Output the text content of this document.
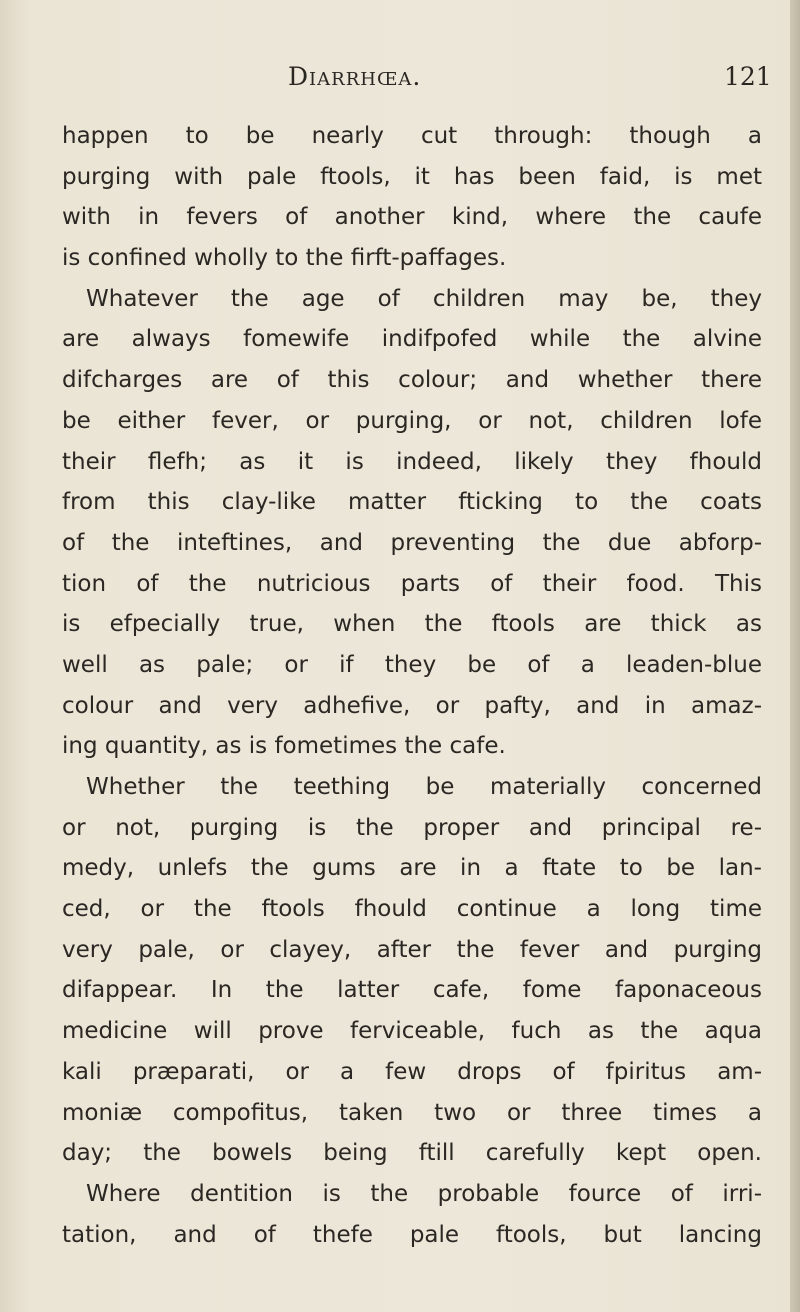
Diarrhœa.	121
happen to be nearly cut through: though a
purging with pale ftools, it has been faid, is met
with in fevers of another kind, where the caufe
is confined wholly to the firft-paffages.
Whatever the age of children may be, they
are always fomewife indifpofed while the alvine
difcharges are of this colour; and whether there
be either fever, or purging, or not, children lofe
their flefh; as it is indeed, likely they fhould
from this clay-like matter fticking to the coats
of the inteftines, and preventing the due abforp-
tion of the nutricious parts of their food. This
is efpecially true, when the ftools are thick as
well as pale; or if they be of a leaden-blue
colour and very adhefive, or pafty, and in amaz-
ing quantity, as is fometimes the cafe.
Whether the teething be materially concerned
or not, purging is the proper and principal re-
medy, unlefs the gums are in a ftate to be lan-
ced, or the ftools fhould continue a long time
very pale, or clayey, after the fever and purging
difappear. In the latter cafe, fome faponaceous
medicine will prove ferviceable, fuch as the aqua
kali præparati, or a few drops of fpiritus am-
moniæ compofitus, taken two or three times a
day; the bowels being ftill carefully kept open.
Where dentition is the probable fource of irri-
tation, and of thefe pale ftools, but lancing
